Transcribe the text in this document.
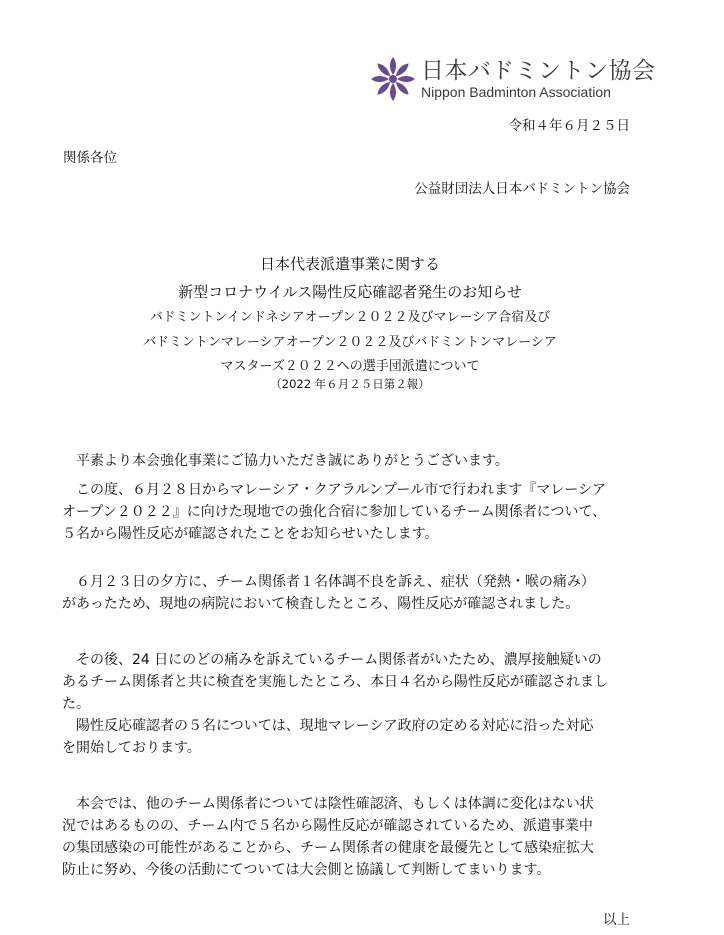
日本バドミントン協会
Nippon Badminton Association
令和４年６月２５日
関係各位
公益財団法人日本バドミントン協会
日本代表派遣事業に関する
新型コロナウイルス陽性反応確認者発生のお知らせ
バドミントンインドネシアオープン２０２２及びマレーシア合宿及び
バドミントンマレーシアオープン２０２２及びバドミントンマレーシア
マスターズ２０２２への選手団派遣について
（2022 年６月２５日第２報）
　平素より本会強化事業にご協力いただき誠にありがとうございます。
　この度、６月２８日からマレーシア・クアラルンプール市で行われます『マレーシア
オープン２０２２』に向けた現地での強化合宿に参加しているチーム関係者について、
５名から陽性反応が確認されたことをお知らせいたします。
　６月２３日の夕方に、チーム関係者１名体調不良を訴え、症状（発熱・喉の痛み）
があったため、現地の病院において検査したところ、陽性反応が確認されました。
　その後、24 日にのどの痛みを訴えているチーム関係者がいたため、濃厚接触疑いの
あるチーム関係者と共に検査を実施したところ、本日４名から陽性反応が確認されまし
た。
　陽性反応確認者の５名については、現地マレーシア政府の定める対応に沿った対応
を開始しております。
　本会では、他のチーム関係者については陰性確認済、もしくは体調に変化はない状
況ではあるものの、チーム内で５名から陽性反応が確認されているため、派遣事業中
の集団感染の可能性があることから、チーム関係者の健康を最優先として感染症拡大
防止に努め、今後の活動にてついては大会側と協議して判断してまいります。
以上
